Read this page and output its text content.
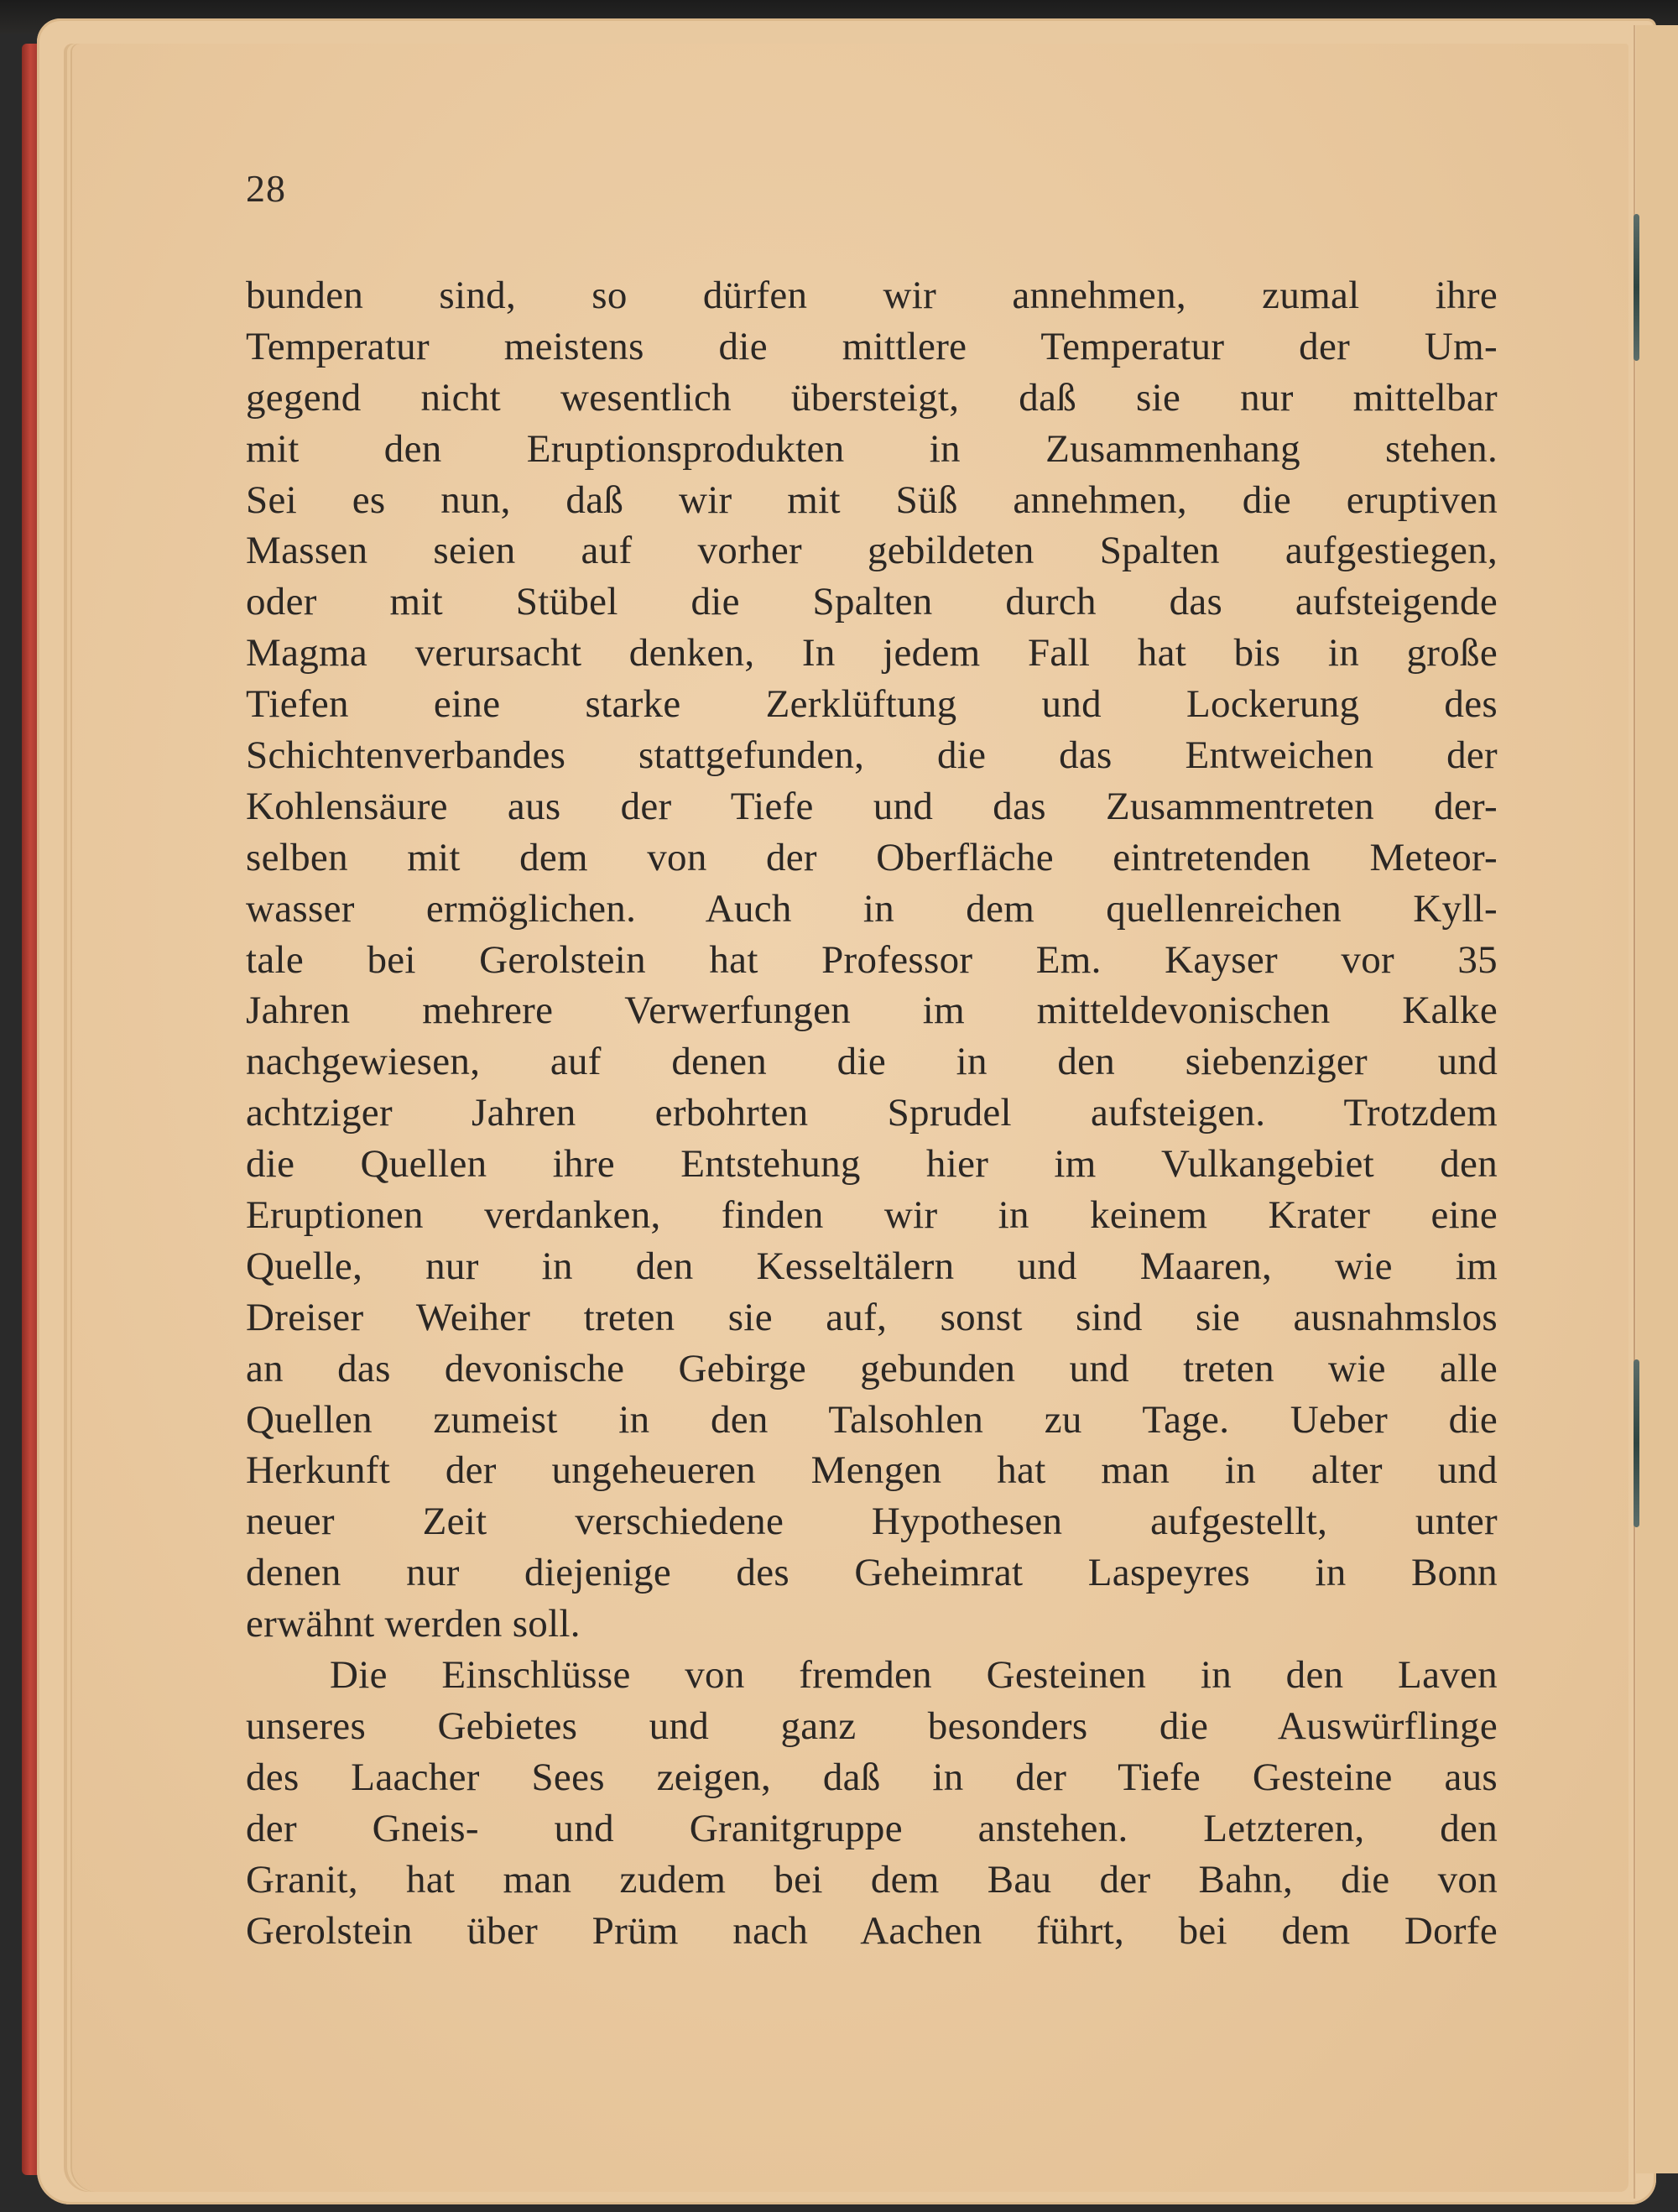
28
bunden sind, so dürfen wir annehmen, zumal ihre
Temperatur meistens die mittlere Temperatur der Um-
gegend nicht wesentlich übersteigt, daß sie nur mittelbar
mit den Eruptionsprodukten in Zusammenhang stehen.
Sei es nun, daß wir mit Süß annehmen, die eruptiven
Massen seien auf vorher gebildeten Spalten aufgestiegen,
oder mit Stübel die Spalten durch das aufsteigende
Magma verursacht denken, In jedem Fall hat bis in große
Tiefen eine starke Zerklüftung und Lockerung des
Schichtenverbandes stattgefunden, die das Entweichen der
Kohlensäure aus der Tiefe und das Zusammentreten der-
selben mit dem von der Oberfläche eintretenden Meteor-
wasser ermöglichen. Auch in dem quellenreichen Kyll-
tale bei Gerolstein hat Professor Em. Kayser vor 35
Jahren mehrere Verwerfungen im mitteldevonischen Kalke
nachgewiesen, auf denen die in den siebenziger und
achtziger Jahren erbohrten Sprudel aufsteigen. Trotzdem
die Quellen ihre Entstehung hier im Vulkangebiet den
Eruptionen verdanken, finden wir in keinem Krater eine
Quelle, nur in den Kesseltälern und Maaren, wie im
Dreiser Weiher treten sie auf, sonst sind sie ausnahmslos
an das devonische Gebirge gebunden und treten wie alle
Quellen zumeist in den Talsohlen zu Tage. Ueber die
Herkunft der ungeheueren Mengen hat man in alter und
neuer Zeit verschiedene Hypothesen aufgestellt, unter
denen nur diejenige des Geheimrat Laspeyres in Bonn
erwähnt werden soll.
Die Einschlüsse von fremden Gesteinen in den Laven
unseres Gebietes und ganz besonders die Auswürflinge
des Laacher Sees zeigen, daß in der Tiefe Gesteine aus
der Gneis- und Granitgruppe anstehen. Letzteren, den
Granit, hat man zudem bei dem Bau der Bahn, die von
Gerolstein über Prüm nach Aachen führt, bei dem Dorfe
